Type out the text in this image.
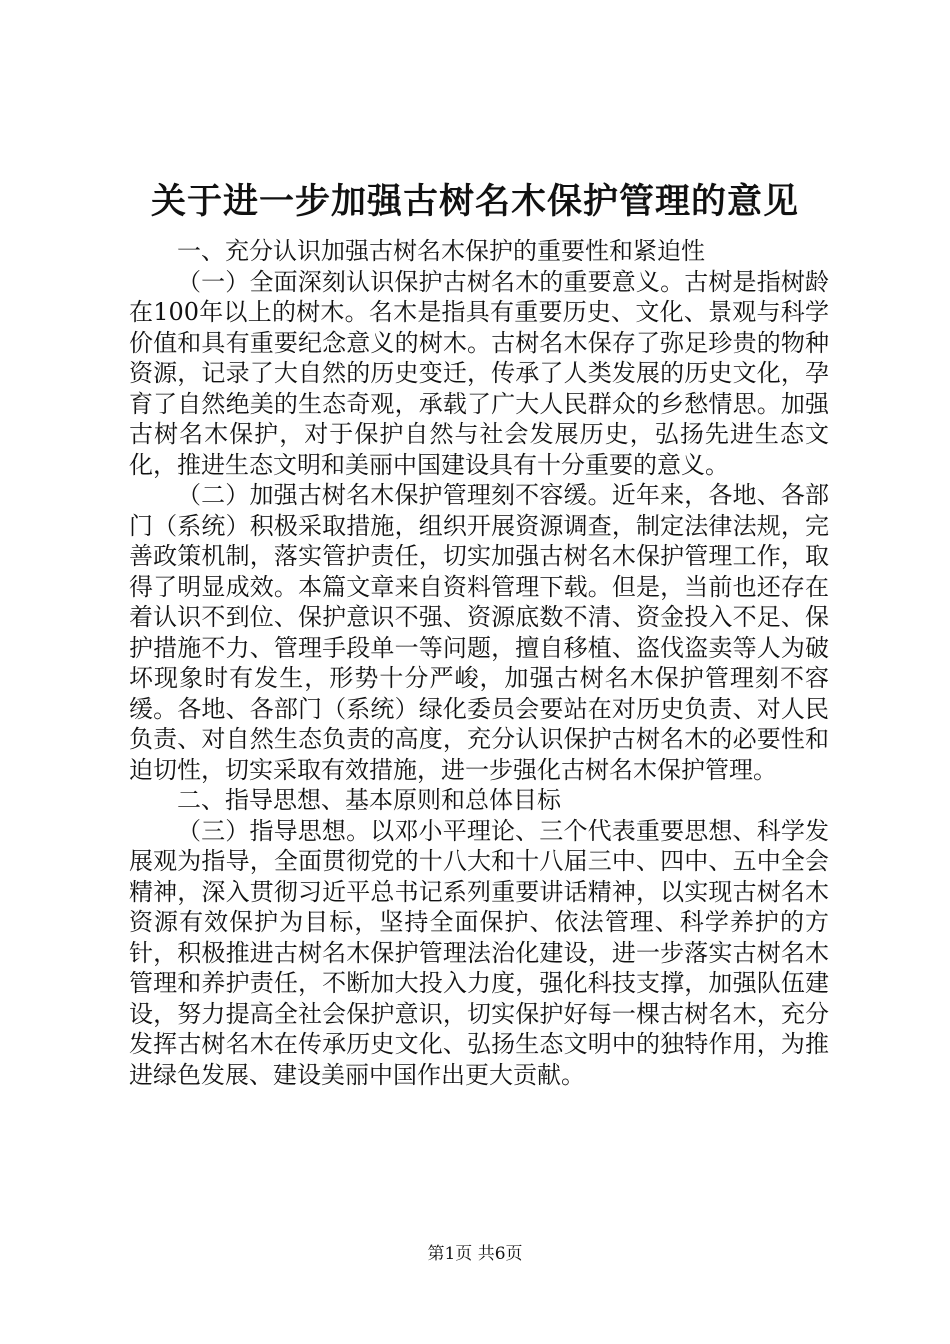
关于进一步加强古树名木保护管理的意见

一、充分认识加强古树名木保护的重要性和紧迫性

（一）全面深刻认识保护古树名木的重要意义。古树是指树龄在100年以上的树木。名木是指具有重要历史、文化、景观与科学价值和具有重要纪念意义的树木。古树名木保存了弥足珍贵的物种资源，记录了大自然的历史变迁，传承了人类发展的历史文化，孕育了自然绝美的生态奇观，承载了广大人民群众的乡愁情思。加强古树名木保护，对于保护自然与社会发展历史，弘扬先进生态文化，推进生态文明和美丽中国建设具有十分重要的意义。

（二）加强古树名木保护管理刻不容缓。近年来，各地、各部门（系统）积极采取措施，组织开展资源调查，制定法律法规，完善政策机制，落实管护责任，切实加强古树名木保护管理工作，取得了明显成效。本篇文章来自资料管理下载。但是，当前也还存在着认识不到位、保护意识不强、资源底数不清、资金投入不足、保护措施不力、管理手段单一等问题，擅自移植、盗伐盗卖等人为破坏现象时有发生，形势十分严峻，加强古树名木保护管理刻不容缓。各地、各部门（系统）绿化委员会要站在对历史负责、对人民负责、对自然生态负责的高度，充分认识保护古树名木的必要性和迫切性，切实采取有效措施，进一步强化古树名木保护管理。

二、指导思想、基本原则和总体目标

（三）指导思想。以邓小平理论、三个代表重要思想、科学发展观为指导，全面贯彻党的十八大和十八届三中、四中、五中全会精神，深入贯彻习近平总书记系列重要讲话精神，以实现古树名木资源有效保护为目标，坚持全面保护、依法管理、科学养护的方针，积极推进古树名木保护管理法治化建设，进一步落实古树名木管理和养护责任，不断加大投入力度，强化科技支撑，加强队伍建设，努力提高全社会保护意识，切实保护好每一棵古树名木，充分发挥古树名木在传承历史文化、弘扬生态文明中的独特作用，为推进绿色发展、建设美丽中国作出更大贡献。

第1页 共6页
